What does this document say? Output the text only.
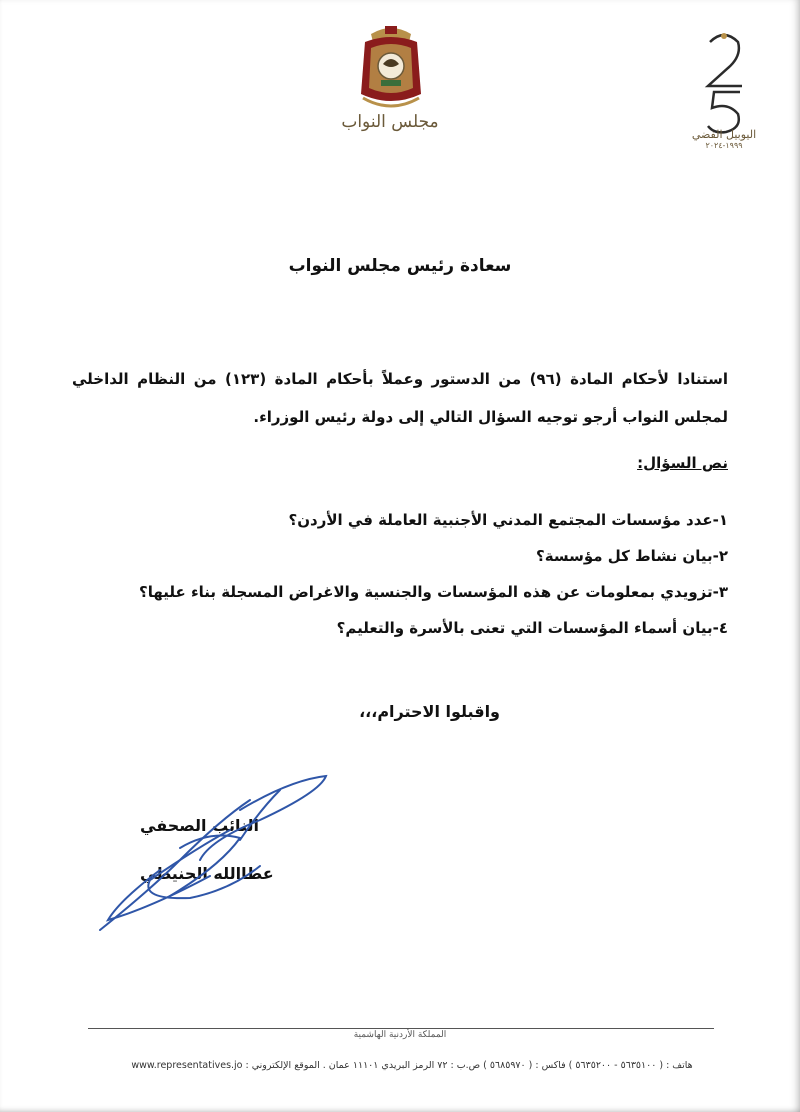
مجلس النواب
اليوبيل الفضي
١٩٩٩-٢٠٢٤
سعادة رئيس مجلس النواب
استنادا لأحكام المادة (٩٦) من الدستور وعملاً بأحكام المادة (١٢٣) من النظام الداخلي لمجلس النواب أرجو توجيه السؤال التالي إلى دولة رئيس الوزراء.
نص السؤال:
١-عدد مؤسسات المجتمع المدني الأجنبية العاملة في الأردن؟
٢-بيان نشاط كل مؤسسة؟
٣-تزويدي بمعلومات عن هذه المؤسسات والجنسية والاغراض المسجلة بناء عليها؟
٤-بيان أسماء المؤسسات التي تعنى بالأسرة والتعليم؟
واقبلوا الاحترام،،،
النائب الصحفي
عطاالله الحنيطي
المملكة الأردنية الهاشمية
هاتف : ( ٥٦٣٥١٠٠ - ٥٦٣٥٢٠٠ ) فاكس : ( ٥٦٨٥٩٧٠ ) ص.ب : ٧٢ الرمز البريدي ١١١٠١ عمان . الموقع الإلكتروني : www.representatives.jo
